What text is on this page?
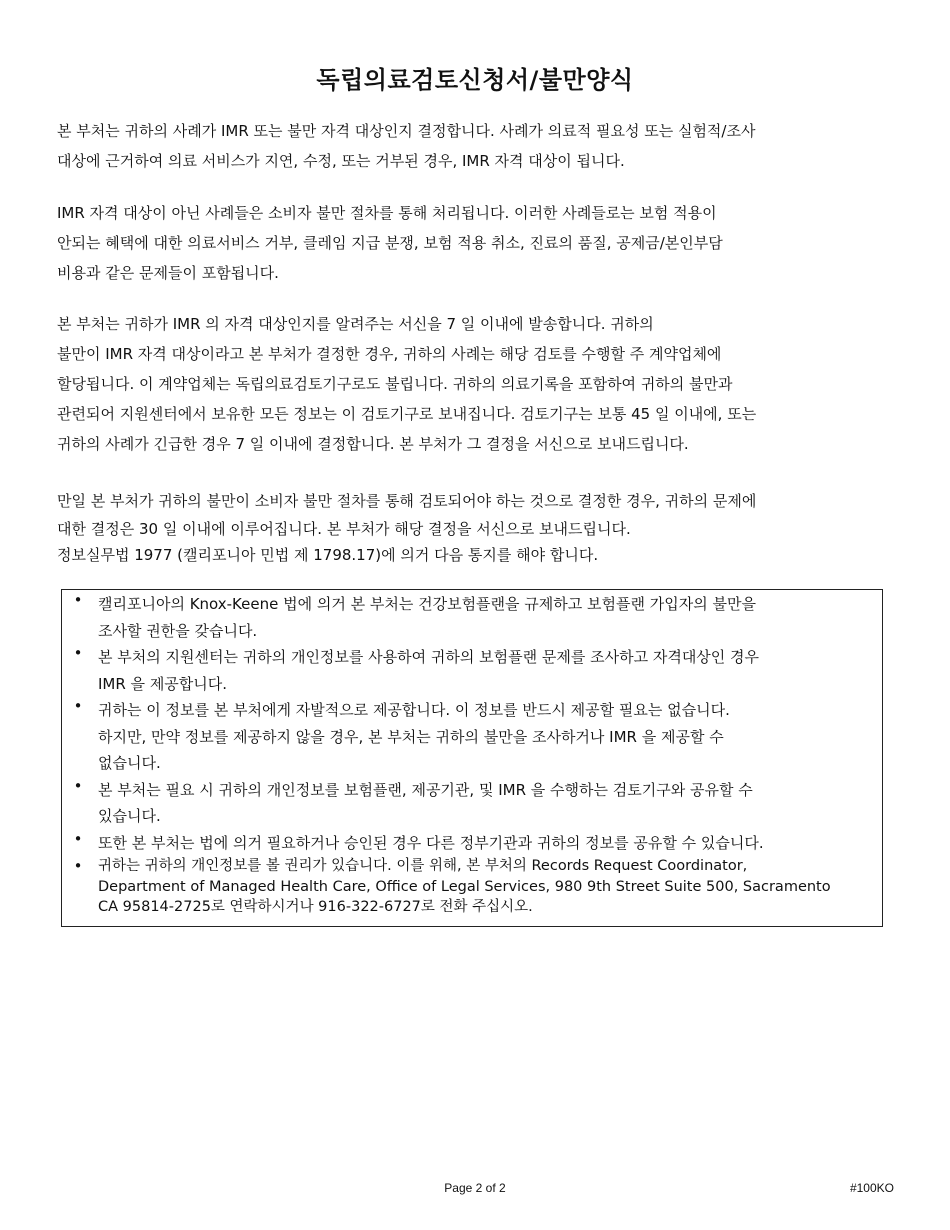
독립의료검토신청서/불만양식
본 부처는 귀하의 사례가 IMR 또는 불만 자격 대상인지 결정합니다. 사례가 의료적 필요성 또는 실험적/조사
대상에 근거하여 의료 서비스가 지연, 수정, 또는 거부된 경우, IMR 자격 대상이 됩니다.
IMR 자격 대상이 아닌 사례들은 소비자 불만 절차를 통해 처리됩니다. 이러한 사례들로는 보험 적용이
안되는 혜택에 대한 의료서비스 거부, 클레임 지급 분쟁, 보험 적용 취소, 진료의 품질, 공제금/본인부담
비용과 같은 문제들이 포함됩니다.
본 부처는 귀하가 IMR 의 자격 대상인지를 알려주는 서신을 7 일 이내에 발송합니다. 귀하의
불만이 IMR 자격 대상이라고 본 부처가 결정한 경우, 귀하의 사례는 해당 검토를 수행할 주 계약업체에
할당됩니다. 이 계약업체는 독립의료검토기구로도 불립니다. 귀하의 의료기록을 포함하여 귀하의 불만과
관련되어 지원센터에서 보유한 모든 정보는 이 검토기구로 보내집니다. 검토기구는 보통 45 일 이내에, 또는
귀하의 사례가 긴급한 경우 7 일 이내에 결정합니다. 본 부처가 그 결정을 서신으로 보내드립니다.
만일 본 부처가 귀하의 불만이 소비자 불만 절차를 통해 검토되어야 하는 것으로 결정한 경우, 귀하의 문제에
대한 결정은 30 일 이내에 이루어집니다. 본 부처가 해당 결정을 서신으로 보내드립니다.
정보실무법 1977 (캘리포니아 민법 제 1798.17)에 의거 다음 통지를 해야 합니다.
• 캘리포니아의 Knox-Keene 법에 의거 본 부처는 건강보험플랜을 규제하고 보험플랜 가입자의 불만을
조사할 권한을 갖습니다.
• 본 부처의 지원센터는 귀하의 개인정보를 사용하여 귀하의 보험플랜 문제를 조사하고 자격대상인 경우
IMR 을 제공합니다.
• 귀하는 이 정보를 본 부처에게 자발적으로 제공합니다. 이 정보를 반드시 제공할 필요는 없습니다.
하지만, 만약 정보를 제공하지 않을 경우, 본 부처는 귀하의 불만을 조사하거나 IMR 을 제공할 수
없습니다.
• 본 부처는 필요 시 귀하의 개인정보를 보험플랜, 제공기관, 및 IMR 을 수행하는 검토기구와 공유할 수
있습니다.
• 또한 본 부처는 법에 의거 필요하거나 승인된 경우 다른 정부기관과 귀하의 정보를 공유할 수 있습니다.
• 귀하는 귀하의 개인정보를 볼 권리가 있습니다. 이를 위해, 본 부처의 Records Request Coordinator,
Department of Managed Health Care, Office of Legal Services, 980 9th Street Suite 500, Sacramento
CA 95814-2725로 연락하시거나 916-322-6727로 전화 주십시오.
Page 2 of 2	#100KO
